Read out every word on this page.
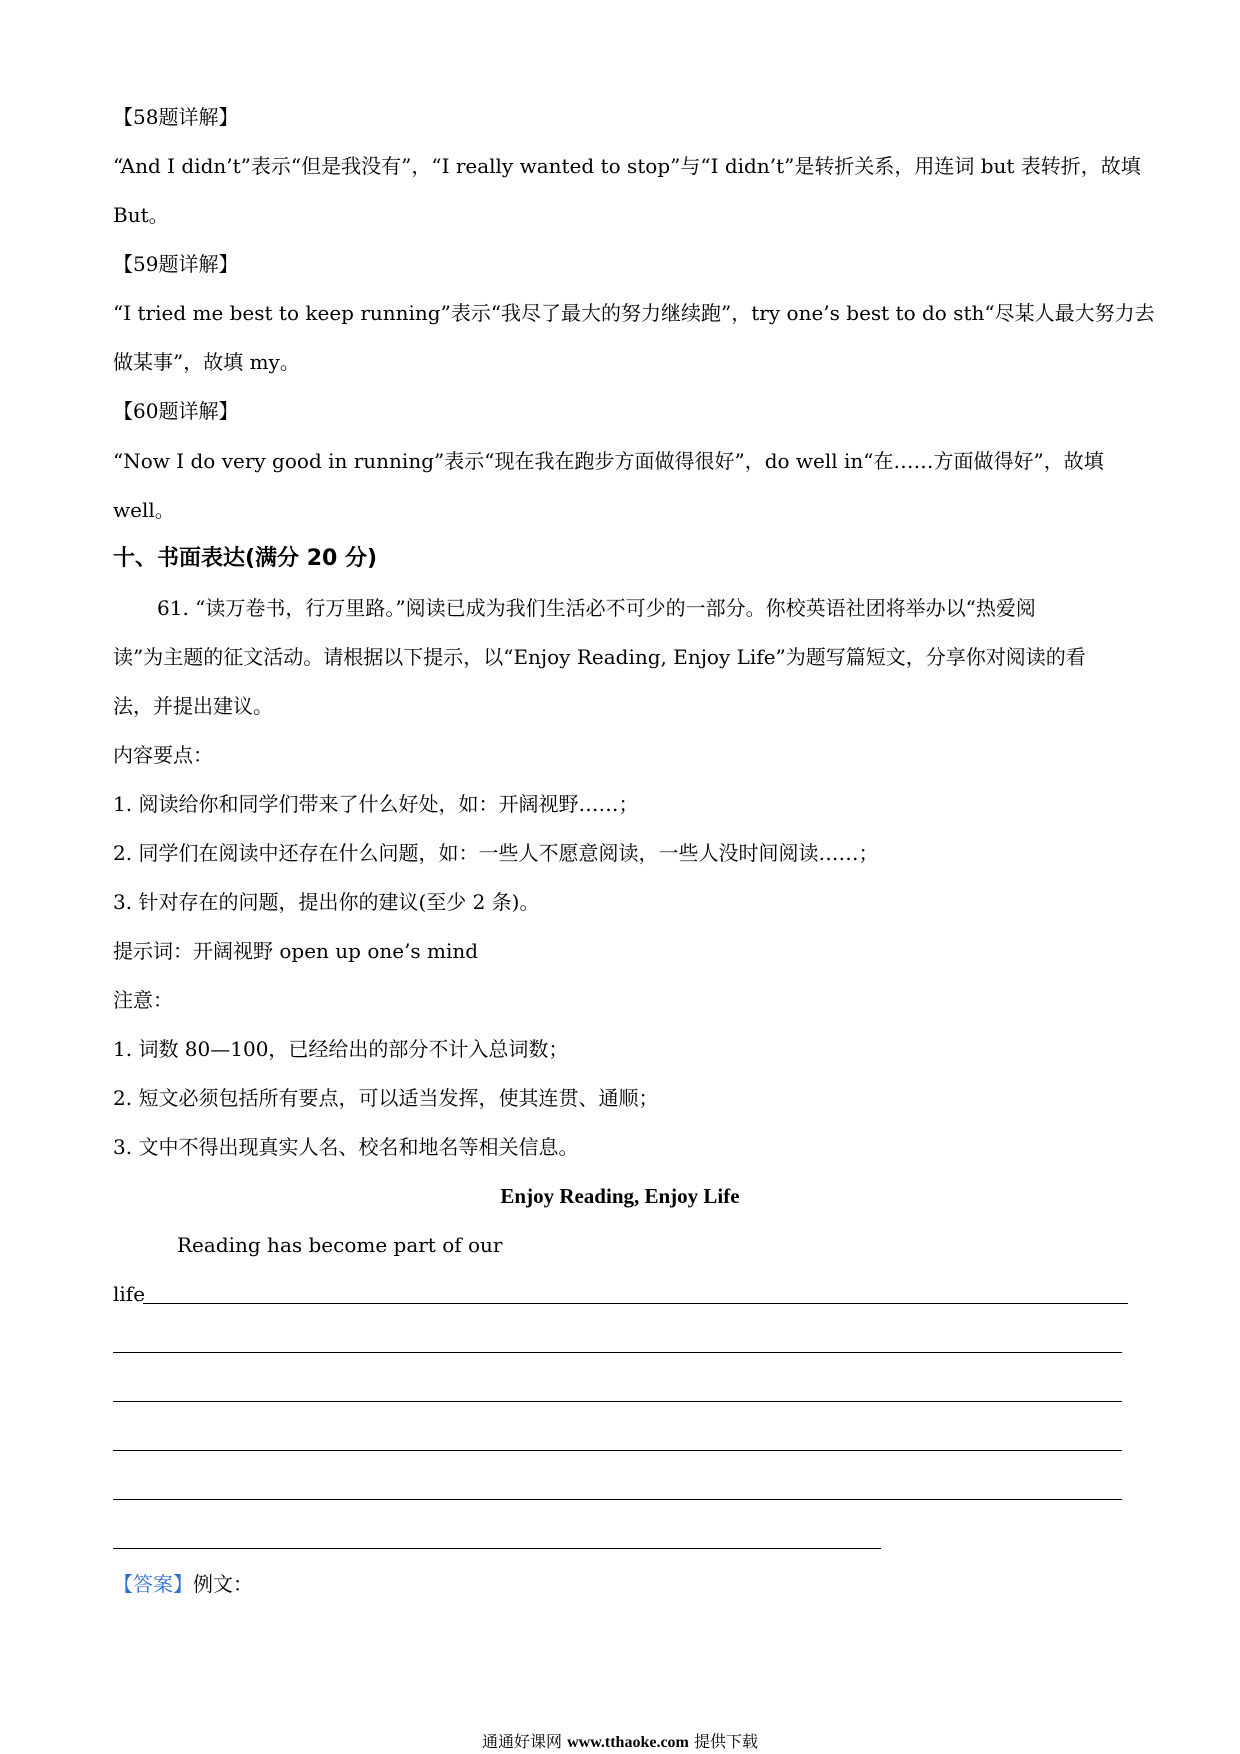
【58题详解】
“And I didn’t”表示“但是我没有”，“I really wanted to stop”与“I didn’t”是转折关系，用连词 but 表转折，故填
But。
【59题详解】
“I tried me best to keep running”表示“我尽了最大的努力继续跑”，try one’s best to do sth“尽某人最大努力去
做某事”，故填 my。
【60题详解】
“Now I do very good in running”表示“现在我在跑步方面做得很好”，do well in“在……方面做得好”，故填
well。
十、书面表达(满分 20 分)
61. “读万卷书，行万里路。”阅读已成为我们生活必不可少的一部分。你校英语社团将举办以“热爱阅
读”为主题的征文活动。请根据以下提示，以“Enjoy Reading, Enjoy Life”为题写篇短文，分享你对阅读的看
法，并提出建议。
内容要点：
1. 阅读给你和同学们带来了什么好处，如：开阔视野……；
2. 同学们在阅读中还存在什么问题，如：一些人不愿意阅读，一些人没时间阅读……；
3. 针对存在的问题，提出你的建议(至少 2 条)。
提示词：开阔视野 open up one’s mind
注意：
1. 词数 80—100，已经给出的部分不计入总词数；
2. 短文必须包括所有要点，可以适当发挥，使其连贯、通顺；
3. 文中不得出现真实人名、校名和地名等相关信息。
Enjoy Reading, Enjoy Life
Reading has become part of our
life
【答案】例文：
通通好课网 www.tthaoke.com 提供下载
